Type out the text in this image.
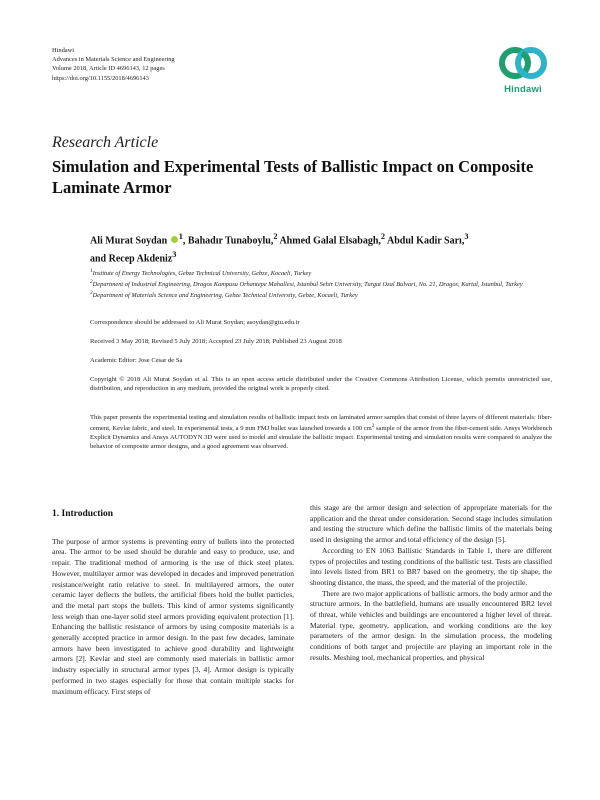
Hindawi
Advances in Materials Science and Engineering
Volume 2018, Article ID 4696143, 12 pages
https://doi.org/10.1155/2018/4696143
Hindawi
Research Article
Simulation and Experimental Tests of Ballistic Impact on Composite Laminate Armor
Ali Murat Soydan $^1$, Bahadır Tunaboylu,$^2$ Ahmed Galal Elsabagh,$^2$ Abdul Kadir Sarı,$^3$
and Recep Akdeniz$^3$
$^1$Institute of Energy Technologies, Gebze Technical University, Gebze, Kocaeli, Turkey
$^2$Department of Industrial Engineering, Dragos Kampusu Orhantepe Mahallesi, Istanbul Sehir University, Turgut Ozal Bulvari, No. 21, Dragos, Kartal, Istanbul, Turkey
$^3$Department of Materials Science and Engineering, Gebze Technical University, Gebze, Kocaeli, Turkey
Correspondence should be addressed to Ali Murat Soydan; asoydan@gtu.edu.tr
Received 3 May 2018; Revised 5 July 2018; Accepted 23 July 2018; Published 23 August 2018
Academic Editor: Jose Cesar de Sa
Copyright © 2018 Ali Murat Soydan et al. This is an open access article distributed under the Creative Commons Attribution License, which permits unrestricted use, distribution, and reproduction in any medium, provided the original work is properly cited.
This paper presents the experimental testing and simulation results of ballistic impact tests on laminated armor samples that consist of three layers of different materials: fiber-cement, Kevlar fabric, and steel. In experimental tests, a 9 mm FMJ bullet was launched towards a 100 $cm^2$ sample of the armor from the fiber-cement side. Ansys Workbench Explicit Dynamics and Ansys AUTODYN 3D were used to model and simulate the ballistic impact. Experimental testing and simulation results were compared to analyze the behavior of composite armor designs, and a good agreement was observed.
1. Introduction

The purpose of armor systems is preventing entry of bullets into the protected area. The armor to be used should be durable and easy to produce, use, and repair. The traditional method of armoring is the use of thick steel plates. However, multilayer armor was developed in decades and improved penetration resistance/weight ratio relative to steel. In multilayered armors, the outer ceramic layer deflects the bullets, the artificial fibers hold the bullet particles, and the metal part stops the bullets. This kind of armor systems significantly less weigh than one-layer solid steel armors providing equivalent protection [1]. Enhancing the ballistic resistance of armors by using composite materials is a generally accepted practice in armor design. In the past few decades, laminate armors have been investigated to achieve good durability and lightweight armors [2]. Kevlar and steel are commonly used materials in ballistic armor industry especially in structural armor types [3, 4]. Armor design is typically performed in two stages especially for those that contain multiple stacks for maximum efficacy. First steps of

this stage are the armor design and selection of appropriate materials for the application and the threat under consideration. Second stage includes simulation and testing the structure which define the ballistic limits of the materials being used in designing the armor and total efficiency of the design [5].

According to EN 1063 Ballistic Standards in Table 1, there are different types of projectiles and testing conditions of the ballistic test. Tests are classified into levels listed from BR1 to BR7 based on the geometry, the tip shape, the shooting distance, the mass, the speed, and the material of the projectile.

There are two major applications of ballistic armors, the body armor and the structure armors. In the battlefield, humans are usually encountered BR2 level of threat, while vehicles and buildings are encountered a higher level of threat. Material type, geometry, application, and working conditions are the key parameters of the armor design. In the simulation process, the modeling conditions of both target and projectile are playing an important role in the results. Meshing tool, mechanical properties, and physical
